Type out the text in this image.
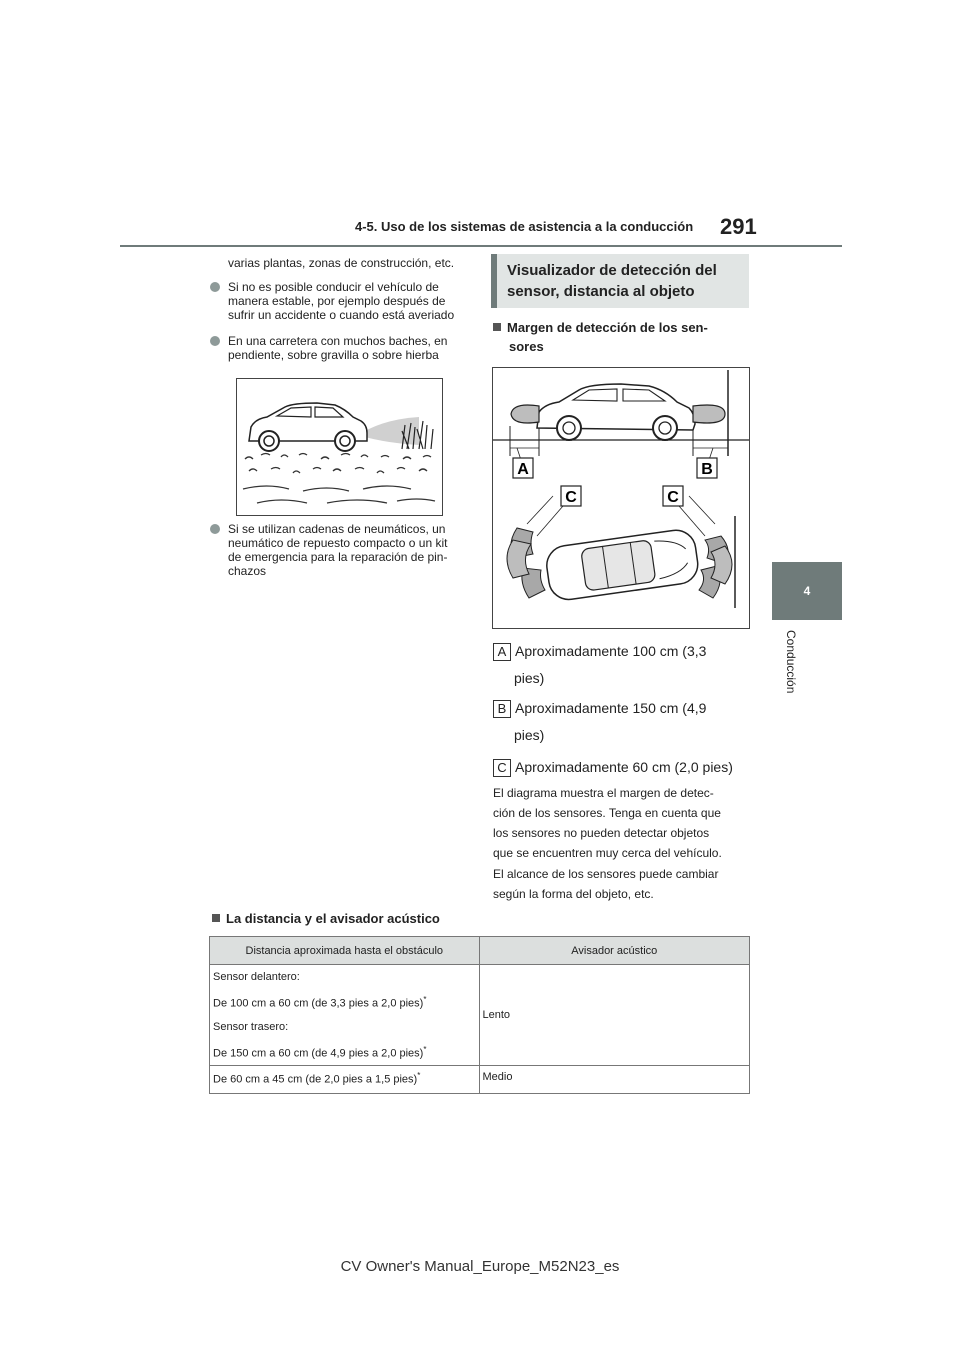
4-5. Uso de los sistemas de asistencia a la conducción 291
4
Conducción
varias plantas, zonas de construcción, etc.
Si no es posible conducir el vehículo de
manera estable, por ejemplo después de
sufrir un accidente o cuando está averiado
En una carretera con muchos baches, en
pendiente, sobre gravilla o sobre hierba
Si se utilizan cadenas de neumáticos, un
neumático de repuesto compacto o un kit
de emergencia para la reparación de pin-
chazos
Visualizador de detección del sensor, distancia al objeto
Margen de detección de los sen-
sores
A	B
C	C
A Aproximadamente 100 cm (3,3
pies)
B Aproximadamente 150 cm (4,9
pies)
C Aproximadamente 60 cm (2,0 pies)
El diagrama muestra el margen de detec-
ción de los sensores. Tenga en cuenta que
los sensores no pueden detectar objetos
que se encuentren muy cerca del vehículo.
El alcance de los sensores puede cambiar
según la forma del objeto, etc.
La distancia y el avisador acústico
Distancia aproximada hasta el obstáculo	Avisador acústico

Sensor delantero:

De 100 cm a 60 cm (de 3,3 pies a 2,0 pies)*

Sensor trasero:

De 150 cm a 60 cm (de 4,9 pies a 2,0 pies)*	Lento
De 60 cm a 45 cm (de 2,0 pies a 1,5 pies)*	Medio
CV Owner's Manual_Europe_M52N23_es
